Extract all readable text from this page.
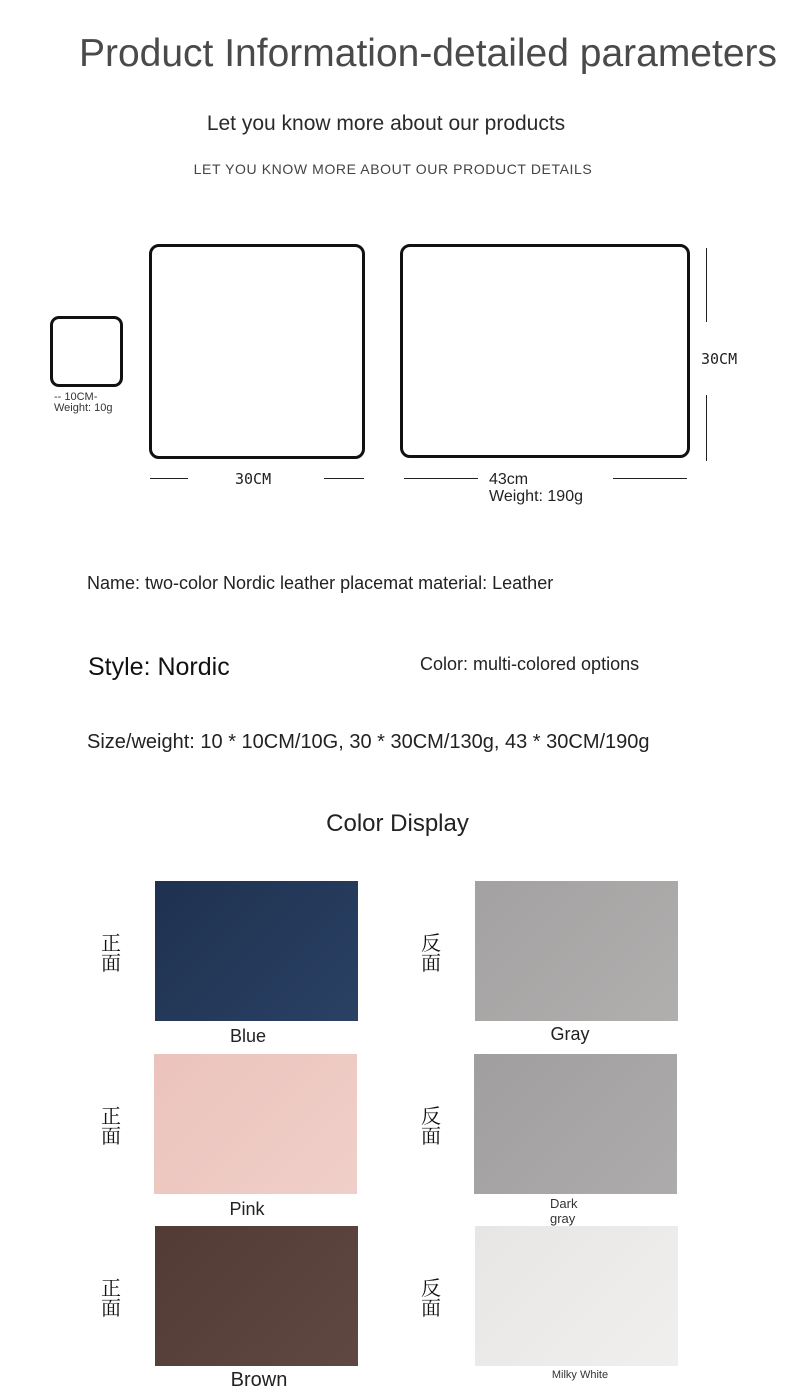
Product Information-detailed parameters
Let you know more about our products
LET YOU KNOW MORE ABOUT OUR PRODUCT DETAILS
-- 10CM-
Weight: 10g
30CM	43cm
Weight: 190g
30CM
Name: two-color Nordic leather placemat material: Leather
Style: Nordic	Color: multi-colored options
Size/weight: 10 * 10CM/10G, 30 * 30CM/130g, 43 * 30CM/190g
Color Display
正面
Blue
反面
Gray
正面
Pink
反面
Dark
gray
正面
Brown
反面
Milky White
